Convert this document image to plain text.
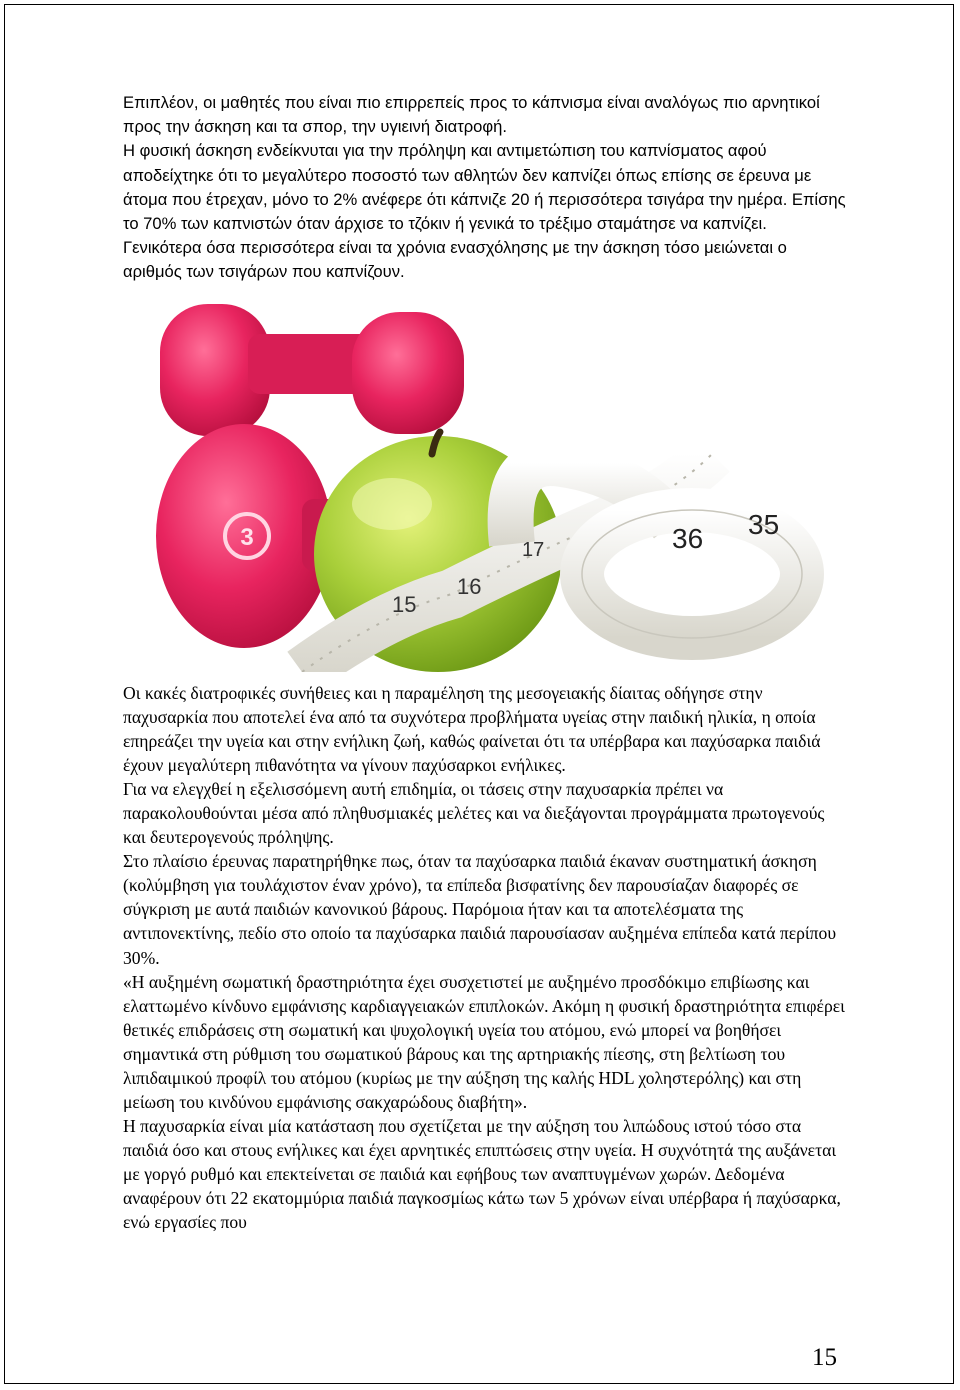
Επιπλέον, οι μαθητές που είναι πιο επιρρεπείς προς το κάπνισμα είναι αναλόγως πιο αρνητικοί προς την άσκηση και τα σπορ, την υγιεινή διατροφή.

Η φυσική άσκηση ενδείκνυται για την πρόληψη και αντιμετώπιση του καπνίσματος αφού αποδείχτηκε ότι το μεγαλύτερο ποσοστό των αθλητών δεν καπνίζει όπως επίσης σε έρευνα με άτομα που έτρεχαν, μόνο το 2% ανέφερε ότι κάπνιζε 20 ή περισσότερα τσιγάρα την ημέρα. Επίσης το 70% των καπνιστών όταν άρχισε το τζόκιν ή γενικά το τρέξιμο σταμάτησε να καπνίζει. Γενικότερα όσα περισσότερα είναι τα χρόνια ενασχόλησης με την άσκηση τόσο μειώνεται ο αριθμός των τσιγάρων που καπνίζουν.

3	35
36
15
16
17

Οι κακές διατροφικές συνήθειες και η παραμέληση της μεσογειακής δίαιτας οδήγησε στην παχυσαρκία που αποτελεί ένα από τα συχνότερα προβλήματα υγείας στην παιδική ηλικία, η οποία επηρεάζει την υγεία και στην ενήλικη ζωή, καθώς φαίνεται ότι τα υπέρβαρα και παχύσαρκα παιδιά έχουν μεγαλύτερη πιθανότητα να γίνουν παχύσαρκοι ενήλικες.

Για να ελεγχθεί η εξελισσόμενη αυτή επιδημία, οι τάσεις στην παχυσαρκία πρέπει να παρακολουθούνται μέσα από πληθυσμιακές μελέτες και να διεξάγονται προγράμματα πρωτογενούς και δευτερογενούς πρόληψης.

Στο πλαίσιο έρευνας παρατηρήθηκε πως, όταν τα παχύσαρκα παιδιά έκαναν συστηματική άσκηση (κολύμβηση για τουλάχιστον έναν χρόνο), τα επίπεδα βισφατίνης δεν παρουσίαζαν διαφορές σε σύγκριση με αυτά παιδιών κανονικού βάρους. Παρόμοια ήταν και τα αποτελέσματα της αντιπονεκτίνης, πεδίο στο οποίο τα παχύσαρκα παιδιά παρουσίασαν αυξημένα επίπεδα κατά περίπου 30%.

«Η αυξημένη σωματική δραστηριότητα έχει συσχετιστεί με αυξημένο προσδόκιμο επιβίωσης και ελαττωμένο κίνδυνο εμφάνισης καρδιαγγειακών επιπλοκών. Ακόμη η φυσική δραστηριότητα επιφέρει θετικές επιδράσεις στη σωματική και ψυχολογική υγεία του ατόμου, ενώ μπορεί να βοηθήσει σημαντικά στη ρύθμιση του σωματικού βάρους και της αρτηριακής πίεσης, στη βελτίωση του λιπιδαιμικού προφίλ του ατόμου (κυρίως με την αύξηση της καλής HDL χοληστερόλης) και στη μείωση του κινδύνου εμφάνισης σακχαρώδους διαβήτη».

Η παχυσαρκία είναι μία κατάσταση που σχετίζεται με την αύξηση του λιπώδους ιστού τόσο στα παιδιά όσο και στους ενήλικες και έχει αρνητικές επιπτώσεις στην υγεία. Η συχνότητά της αυξάνεται με γοργό ρυθμό και επεκτείνεται σε παιδιά και εφήβους των αναπτυγμένων χωρών. Δεδομένα αναφέρουν ότι 22 εκατομμύρια παιδιά παγκοσμίως κάτω των 5 χρόνων είναι υπέρβαρα ή παχύσαρκα, ενώ εργασίες που

15
